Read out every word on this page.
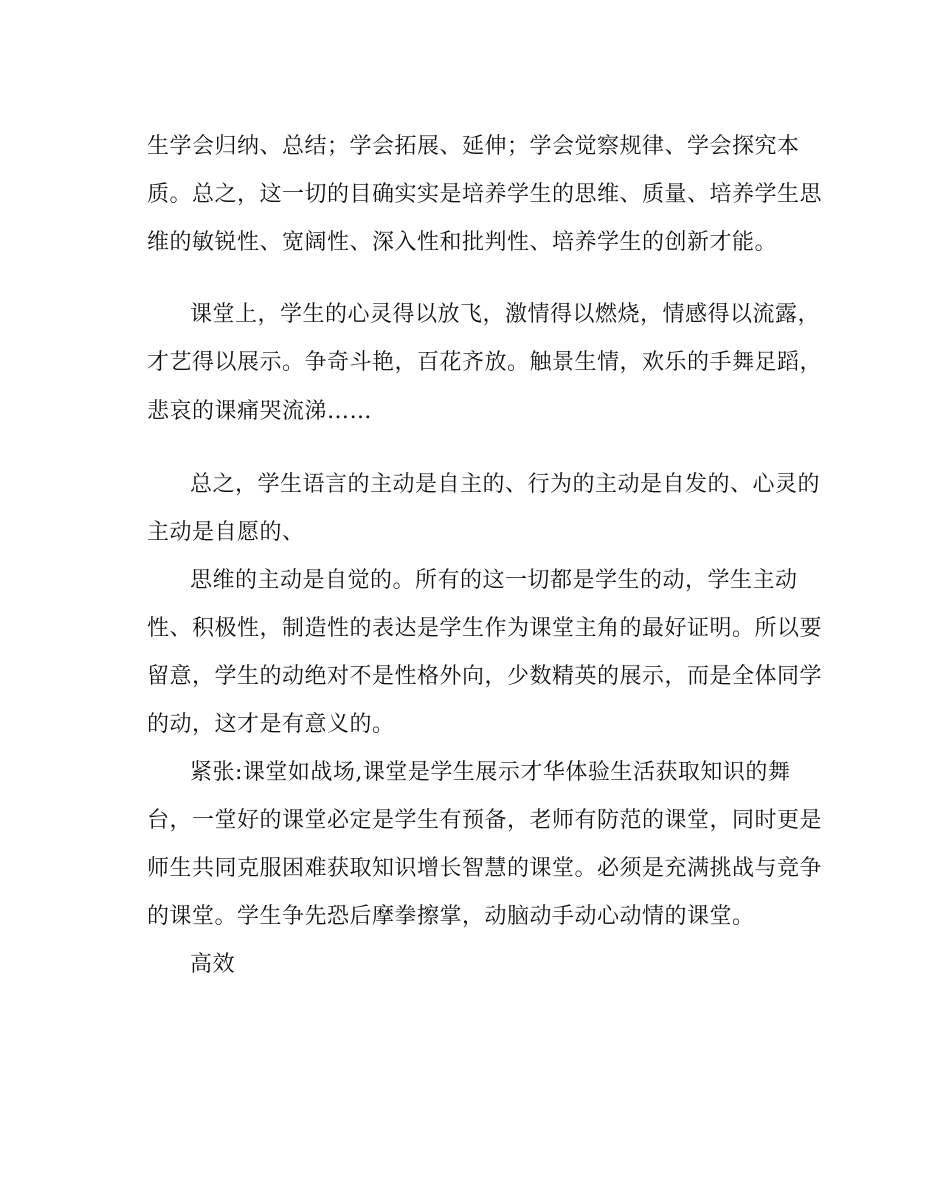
生学会归纳、总结；学会拓展、延伸；学会觉察规律、学会探究本
质。总之，这一切的目确实实是培养学生的思维、质量、培养学生思
维的敏锐性、宽阔性、深入性和批判性、培养学生的创新才能。
课堂上，学生的心灵得以放飞，激情得以燃烧，情感得以流露，
才艺得以展示。争奇斗艳，百花齐放。触景生情，欢乐的手舞足蹈，
悲哀的课痛哭流涕……
总之，学生语言的主动是自主的、行为的主动是自发的、心灵的
主动是自愿的、
思维的主动是自觉的。所有的这一切都是学生的动，学生主动
性、积极性，制造性的表达是学生作为课堂主角的最好证明。所以要
留意，学生的动绝对不是性格外向，少数精英的展示，而是全体同学
的动，这才是有意义的。
紧张:课堂如战场,课堂是学生展示才华体验生活获取知识的舞
台，一堂好的课堂必定是学生有预备，老师有防范的课堂，同时更是
师生共同克服困难获取知识增长智慧的课堂。必须是充满挑战与竞争
的课堂。学生争先恐后摩拳擦掌，动脑动手动心动情的课堂。
高效
